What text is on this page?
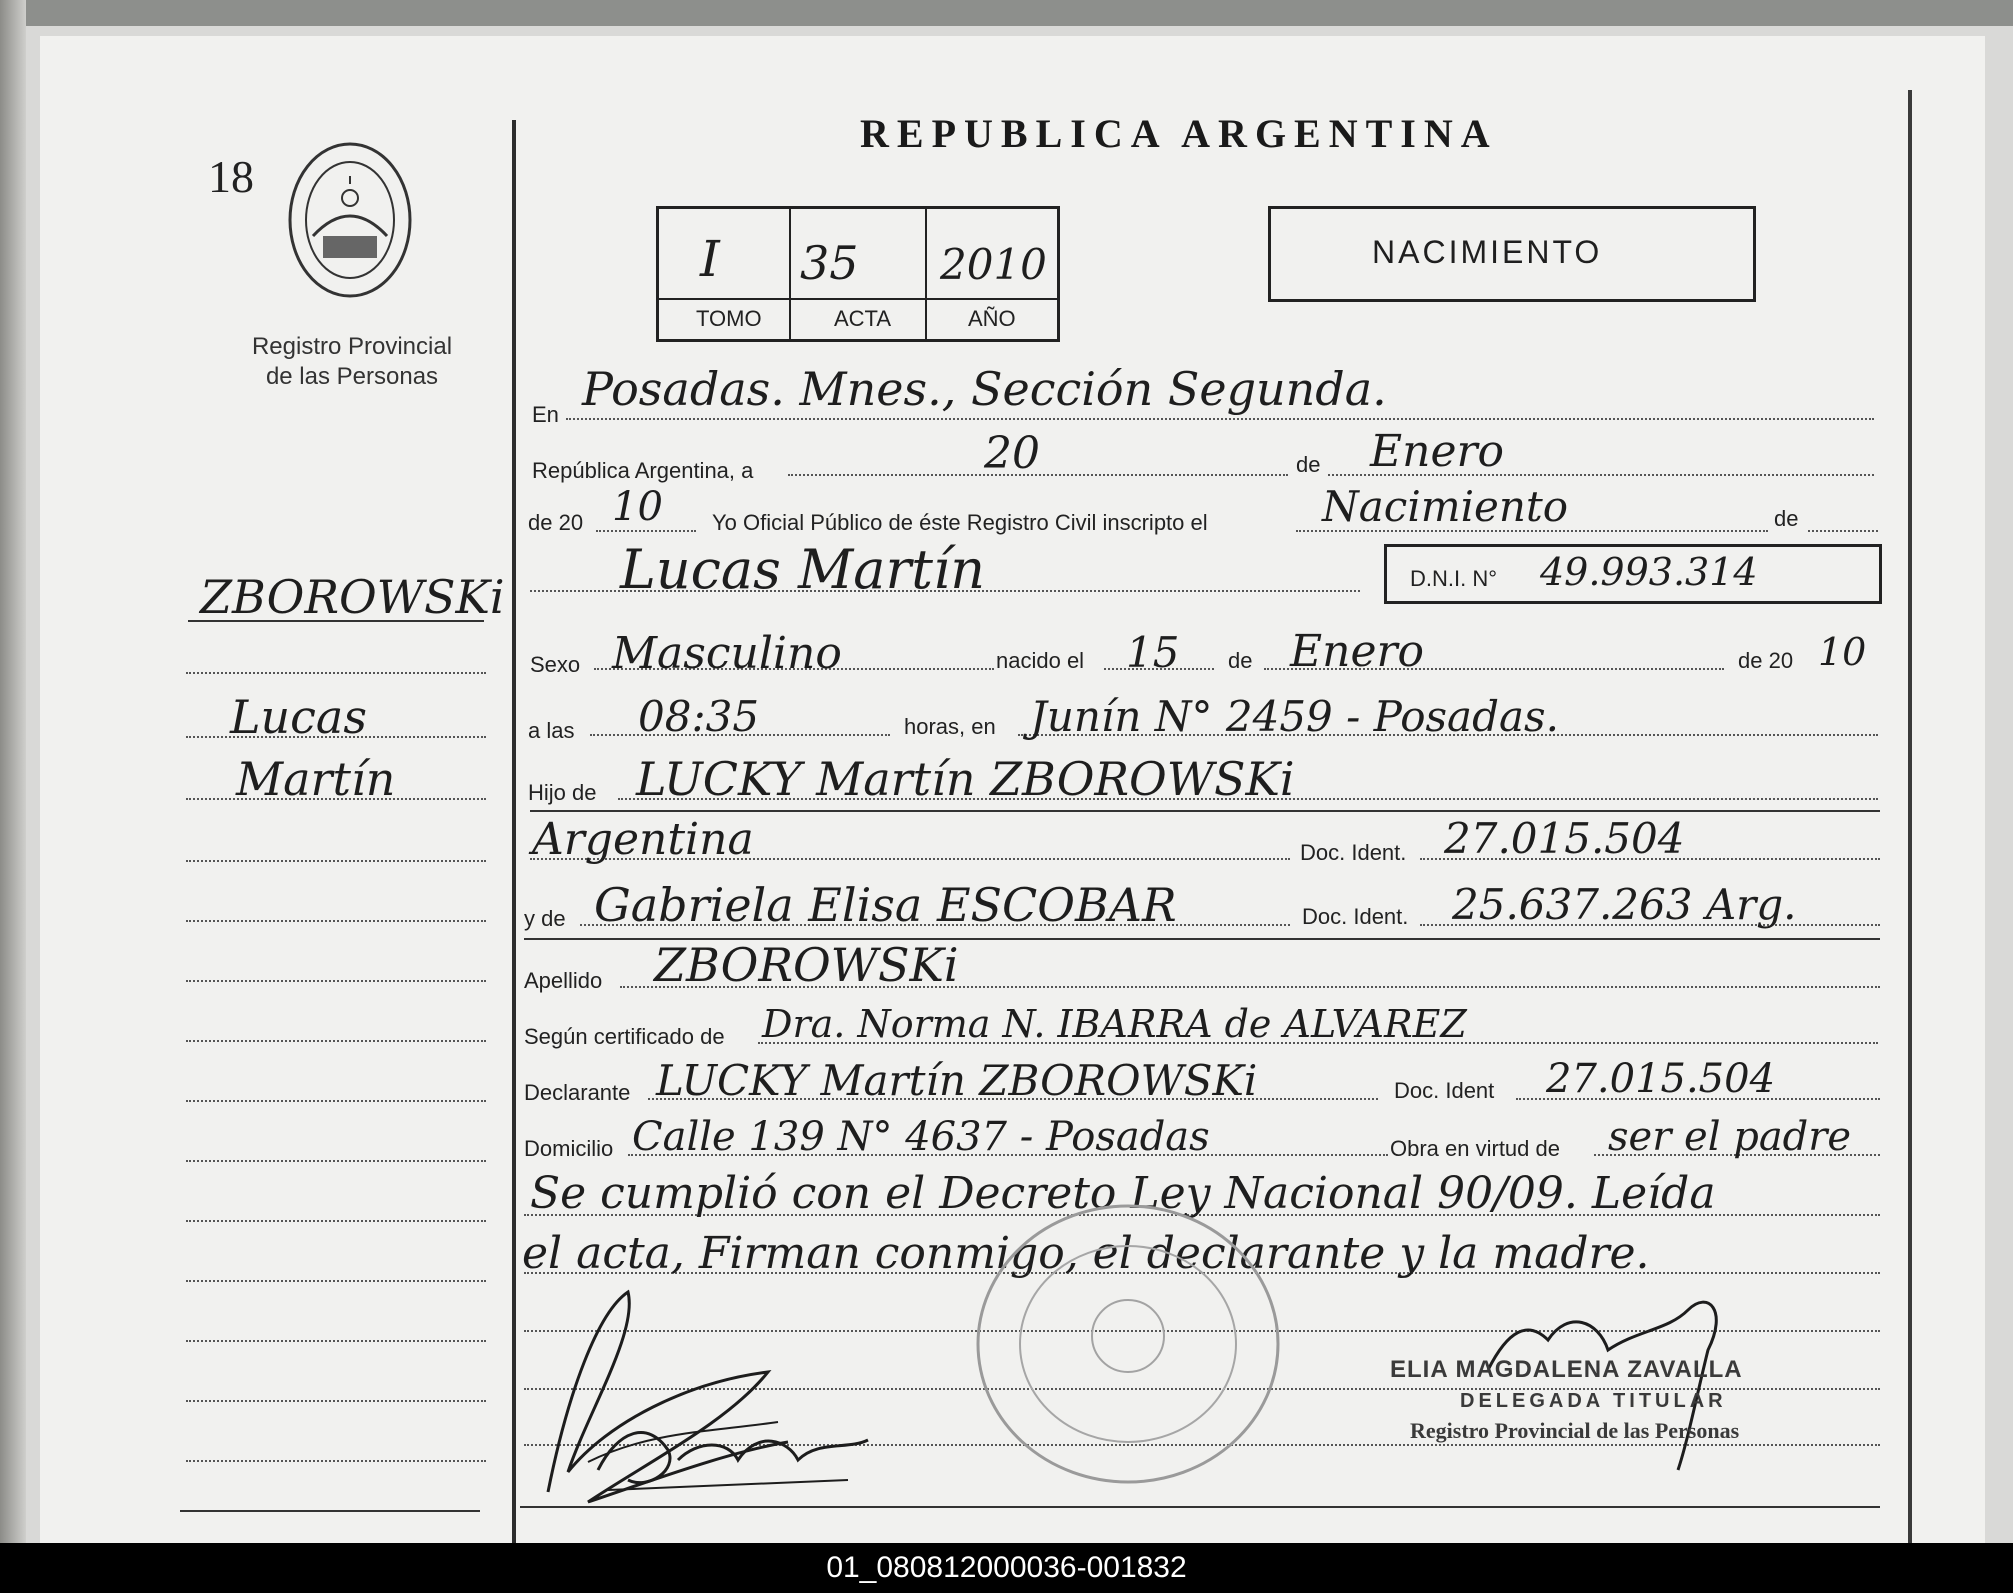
18
Registro Provincial
de las Personas
REPUBLICA ARGENTINA
I 35 2010
TOMO	ACTA	AÑO
NACIMIENTO
ZBOROWSKi
Lucas
Martín
En Posadas. Mnes., Sección Segunda.
República Argentina, a	20	de Enero
de 20 10 Yo Oficial Público de éste Registro Civil inscripto el	Nacimiento	de
Lucas Martín	D.N.I. N° 49.993.314
Sexo Masculino	nacido el 15 de Enero	de 20 10
a las 08:35	horas, en Junín N° 2459 - Posadas.
Hijo de LUCKY Martín ZBOROWSKi
Argentina	Doc. Ident. 27.015.504
y de Gabriela Elisa ESCOBAR	Doc. Ident. 25.637.263 Arg.
Apellido ZBOROWSKi
Según certificado de Dra. Norma N. IBARRA de ALVAREZ
Declarante LUCKY Martín ZBOROWSKi	Doc. Ident 27.015.504
Domicilio Calle 139 N° 4637 - Posadas	Obra en virtud de ser el padre
Se cumplió con el Decreto Ley Nacional 90/09. Leída
el acta, Firman conmigo, el declarante y la madre.
ELIA MAGDALENA ZAVALLA
DELEGADA TITULAR
Registro Provincial de las Personas
01_080812000036-001832
